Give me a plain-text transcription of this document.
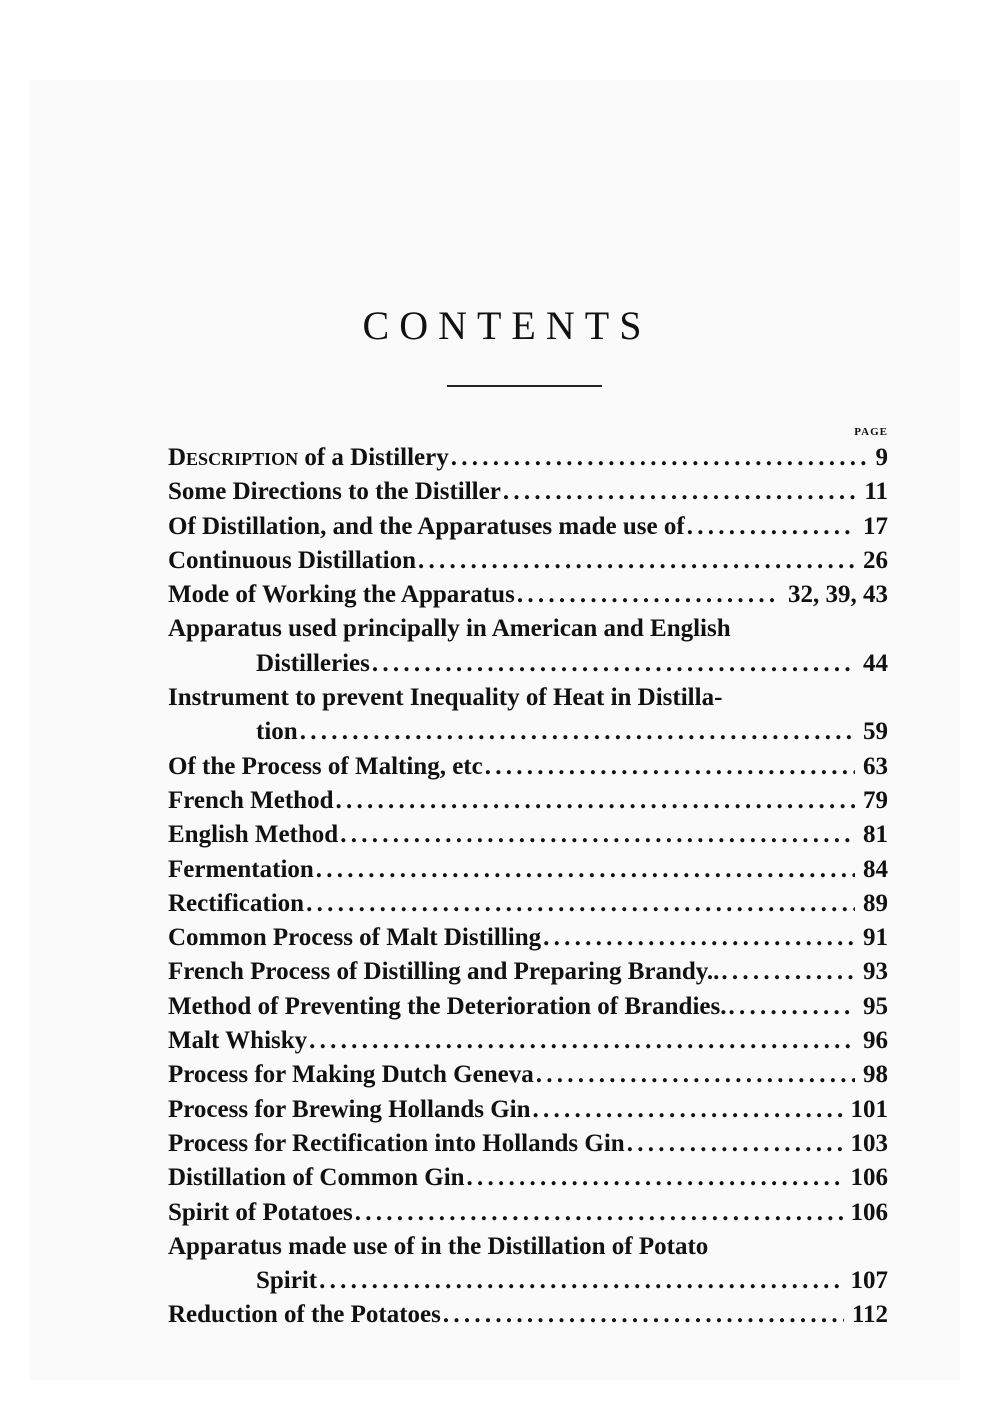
CONTENTS
PAGE
Description of a Distillery . . .	9
Some Directions to the Distiller . . .	11
Of Distillation, and the Apparatuses made use of . . .	17
Continuous Distillation . . .	26
Mode of Working the Apparatus . . .	32, 39, 43
Apparatus used principally in American and English
Distilleries . . .	44
Instrument to prevent Inequality of Heat in Distilla-
tion . . .	59
Of the Process of Malting, etc . . .	63
French Method . . .	79
English Method . . .	81
Fermentation . . .	84
Rectification . . .	89
Common Process of Malt Distilling . . .	91
French Process of Distilling and Preparing Brandy.. . . .	93
Method of Preventing the Deterioration of Brandies. . . .	95
Malt Whisky . . .	96
Process for Making Dutch Geneva . . .	98
Process for Brewing Hollands Gin . . .	101
Process for Rectification into Hollands Gin . . .	103
Distillation of Common Gin . . .	106
Spirit of Potatoes . . .	106
Apparatus made use of in the Distillation of Potato
Spirit . . .	107
Reduction of the Potatoes . . .	112
